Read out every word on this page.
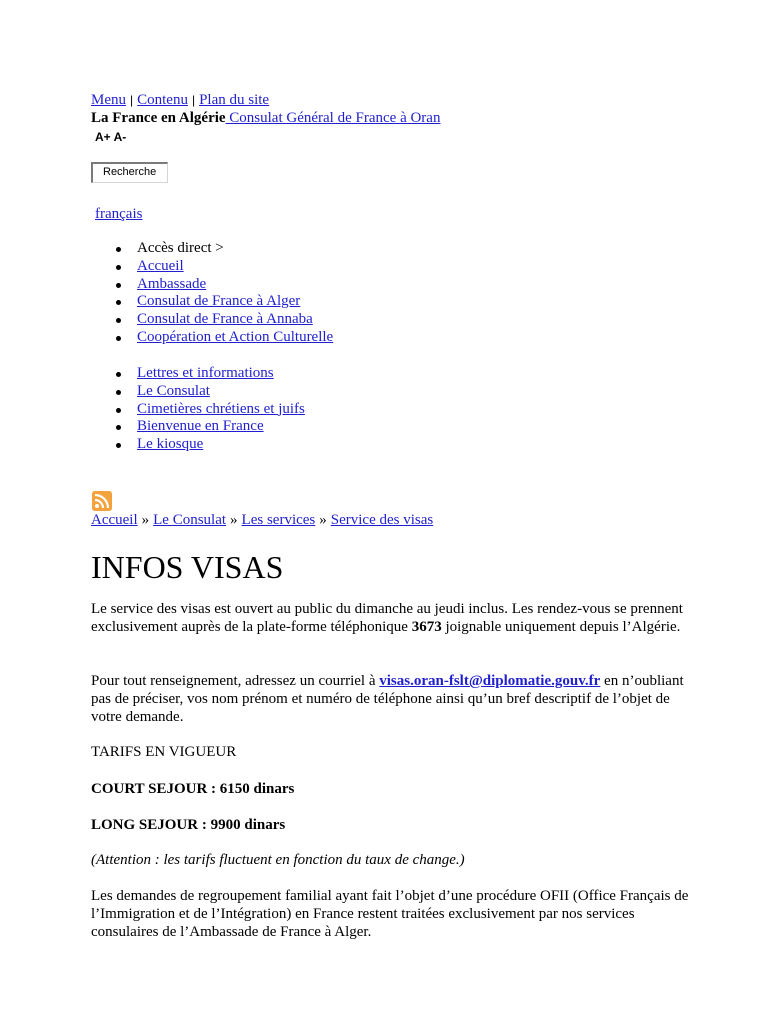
Menu | Contenu | Plan du site
La France en Algérie Consulat Général de France à Oran
A+ A-
Recherche
français
Accès direct >
Accueil
Ambassade
Consulat de France à Alger
Consulat de France à Annaba
Coopération et Action Culturelle
Lettres et informations
Le Consulat
Cimetières chrétiens et juifs
Bienvenue en France
Le kiosque
Accueil » Le Consulat » Les services » Service des visas
INFOS VISAS

Le service des visas est ouvert au public du dimanche au jeudi inclus. Les rendez-vous se prennent exclusivement auprès de la plate-forme téléphonique 3673 joignable uniquement depuis l’Algérie.

Pour tout renseignement, adressez un courriel à visas.oran-fslt@diplomatie.gouv.fr en n’oubliant pas de préciser, vos nom prénom et numéro de téléphone ainsi qu’un bref descriptif de l’objet de votre demande.

TARIFS EN VIGUEUR

COURT SEJOUR : 6150 dinars

LONG SEJOUR : 9900 dinars

(Attention : les tarifs fluctuent en fonction du taux de change.)

Les demandes de regroupement familial ayant fait l’objet d’une procédure OFII (Office Français de l’Immigration et de l’Intégration) en France restent traitées exclusivement par nos services consulaires de l’Ambassade de France à Alger.
